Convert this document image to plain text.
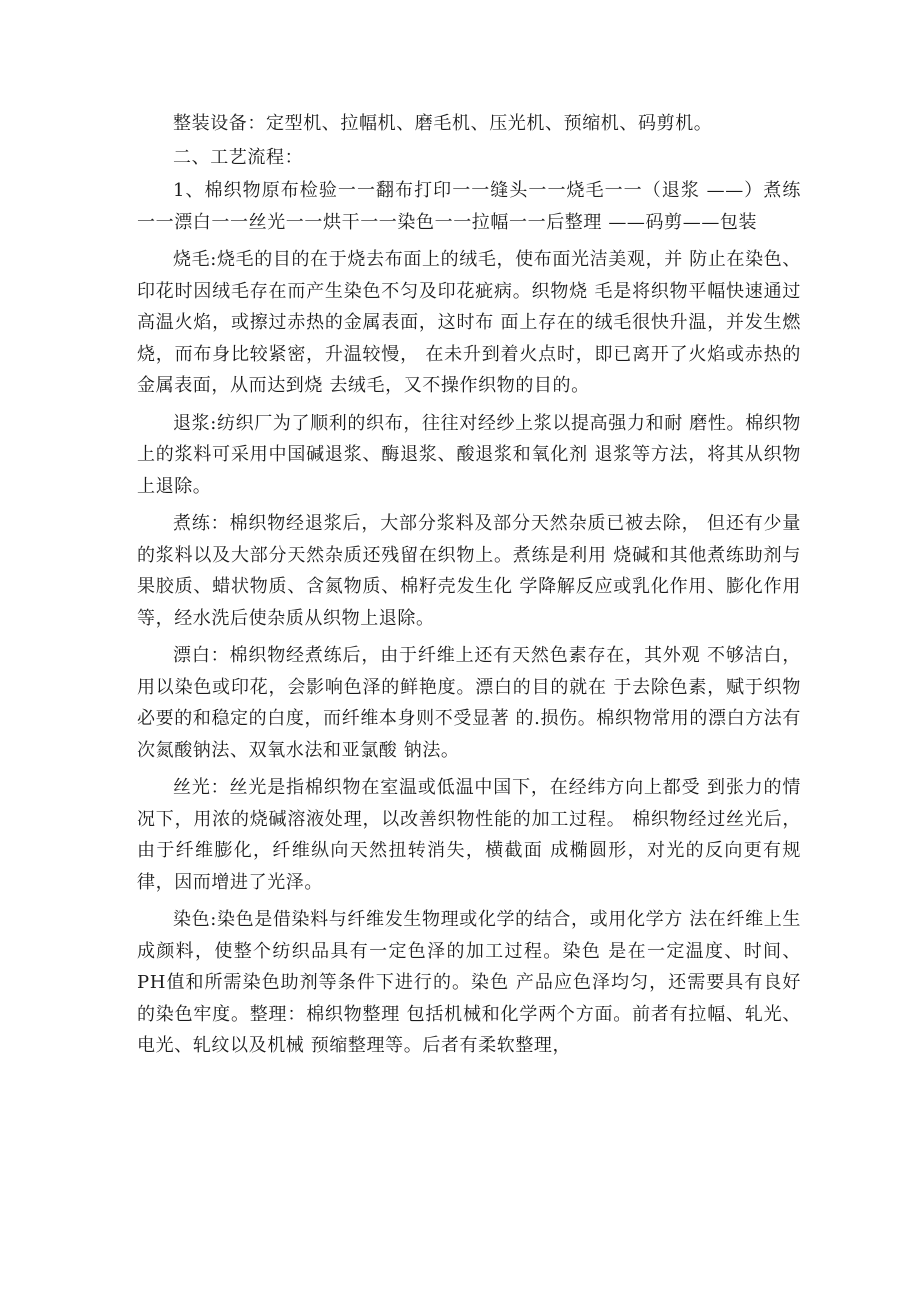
整装设备：定型机、拉幅机、磨毛机、压光机、预缩机、码剪机。

二、工艺流程：

1、棉织物原布检验一一翻布打印一一缝头一一烧毛一一（退浆 ——）煮练一一漂白一一丝光一一烘干一一染色一一拉幅一一后整理 ——码剪——包装

烧毛:烧毛的目的在于烧去布面上的绒毛，使布面光洁美观，并 防止在染色、印花时因绒毛存在而产生染色不匀及印花疵病。织物烧 毛是将织物平幅快速通过高温火焰，或擦过赤热的金属表面，这时布 面上存在的绒毛很快升温，并发生燃烧，而布身比较紧密，升温较慢， 在未升到着火点时，即已离开了火焰或赤热的金属表面，从而达到烧 去绒毛，又不操作织物的目的。

退浆:纺织厂为了顺利的织布，往往对经纱上浆以提高强力和耐 磨性。棉织物上的浆料可采用中国碱退浆、酶退浆、酸退浆和氧化剂 退浆等方法，将其从织物上退除。

煮练：棉织物经退浆后，大部分浆料及部分天然杂质已被去除， 但还有少量的浆料以及大部分天然杂质还残留在织物上。煮练是利用 烧碱和其他煮练助剂与果胶质、蜡状物质、含氮物质、棉籽壳发生化 学降解反应或乳化作用、膨化作用等，经水洗后使杂质从织物上退除。

漂白：棉织物经煮练后，由于纤维上还有天然色素存在，其外观 不够洁白，用以染色或印花，会影响色泽的鲜艳度。漂白的目的就在 于去除色素，赋于织物必要的和稳定的白度，而纤维本身则不受显著 的.损伤。棉织物常用的漂白方法有次氮酸钠法、双氧水法和亚氯酸 钠法。

丝光：丝光是指棉织物在室温或低温中国下，在经纬方向上都受 到张力的情况下，用浓的烧碱溶液处理，以改善织物性能的加工过程。 棉织物经过丝光后，由于纤维膨化，纤维纵向天然扭转消失，横截面 成椭圆形，对光的反向更有规律，因而增进了光泽。

染色:染色是借染料与纤维发生物理或化学的结合，或用化学方 法在纤维上生成颜料，使整个纺织品具有一定色泽的加工过程。染色 是在一定温度、时间、PH值和所需染色助剂等条件下进行的。染色 产品应色泽均匀，还需要具有良好的染色牢度。整理：棉织物整理 包括机械和化学两个方面。前者有拉幅、轧光、电光、轧纹以及机械 预缩整理等。后者有柔软整理，
